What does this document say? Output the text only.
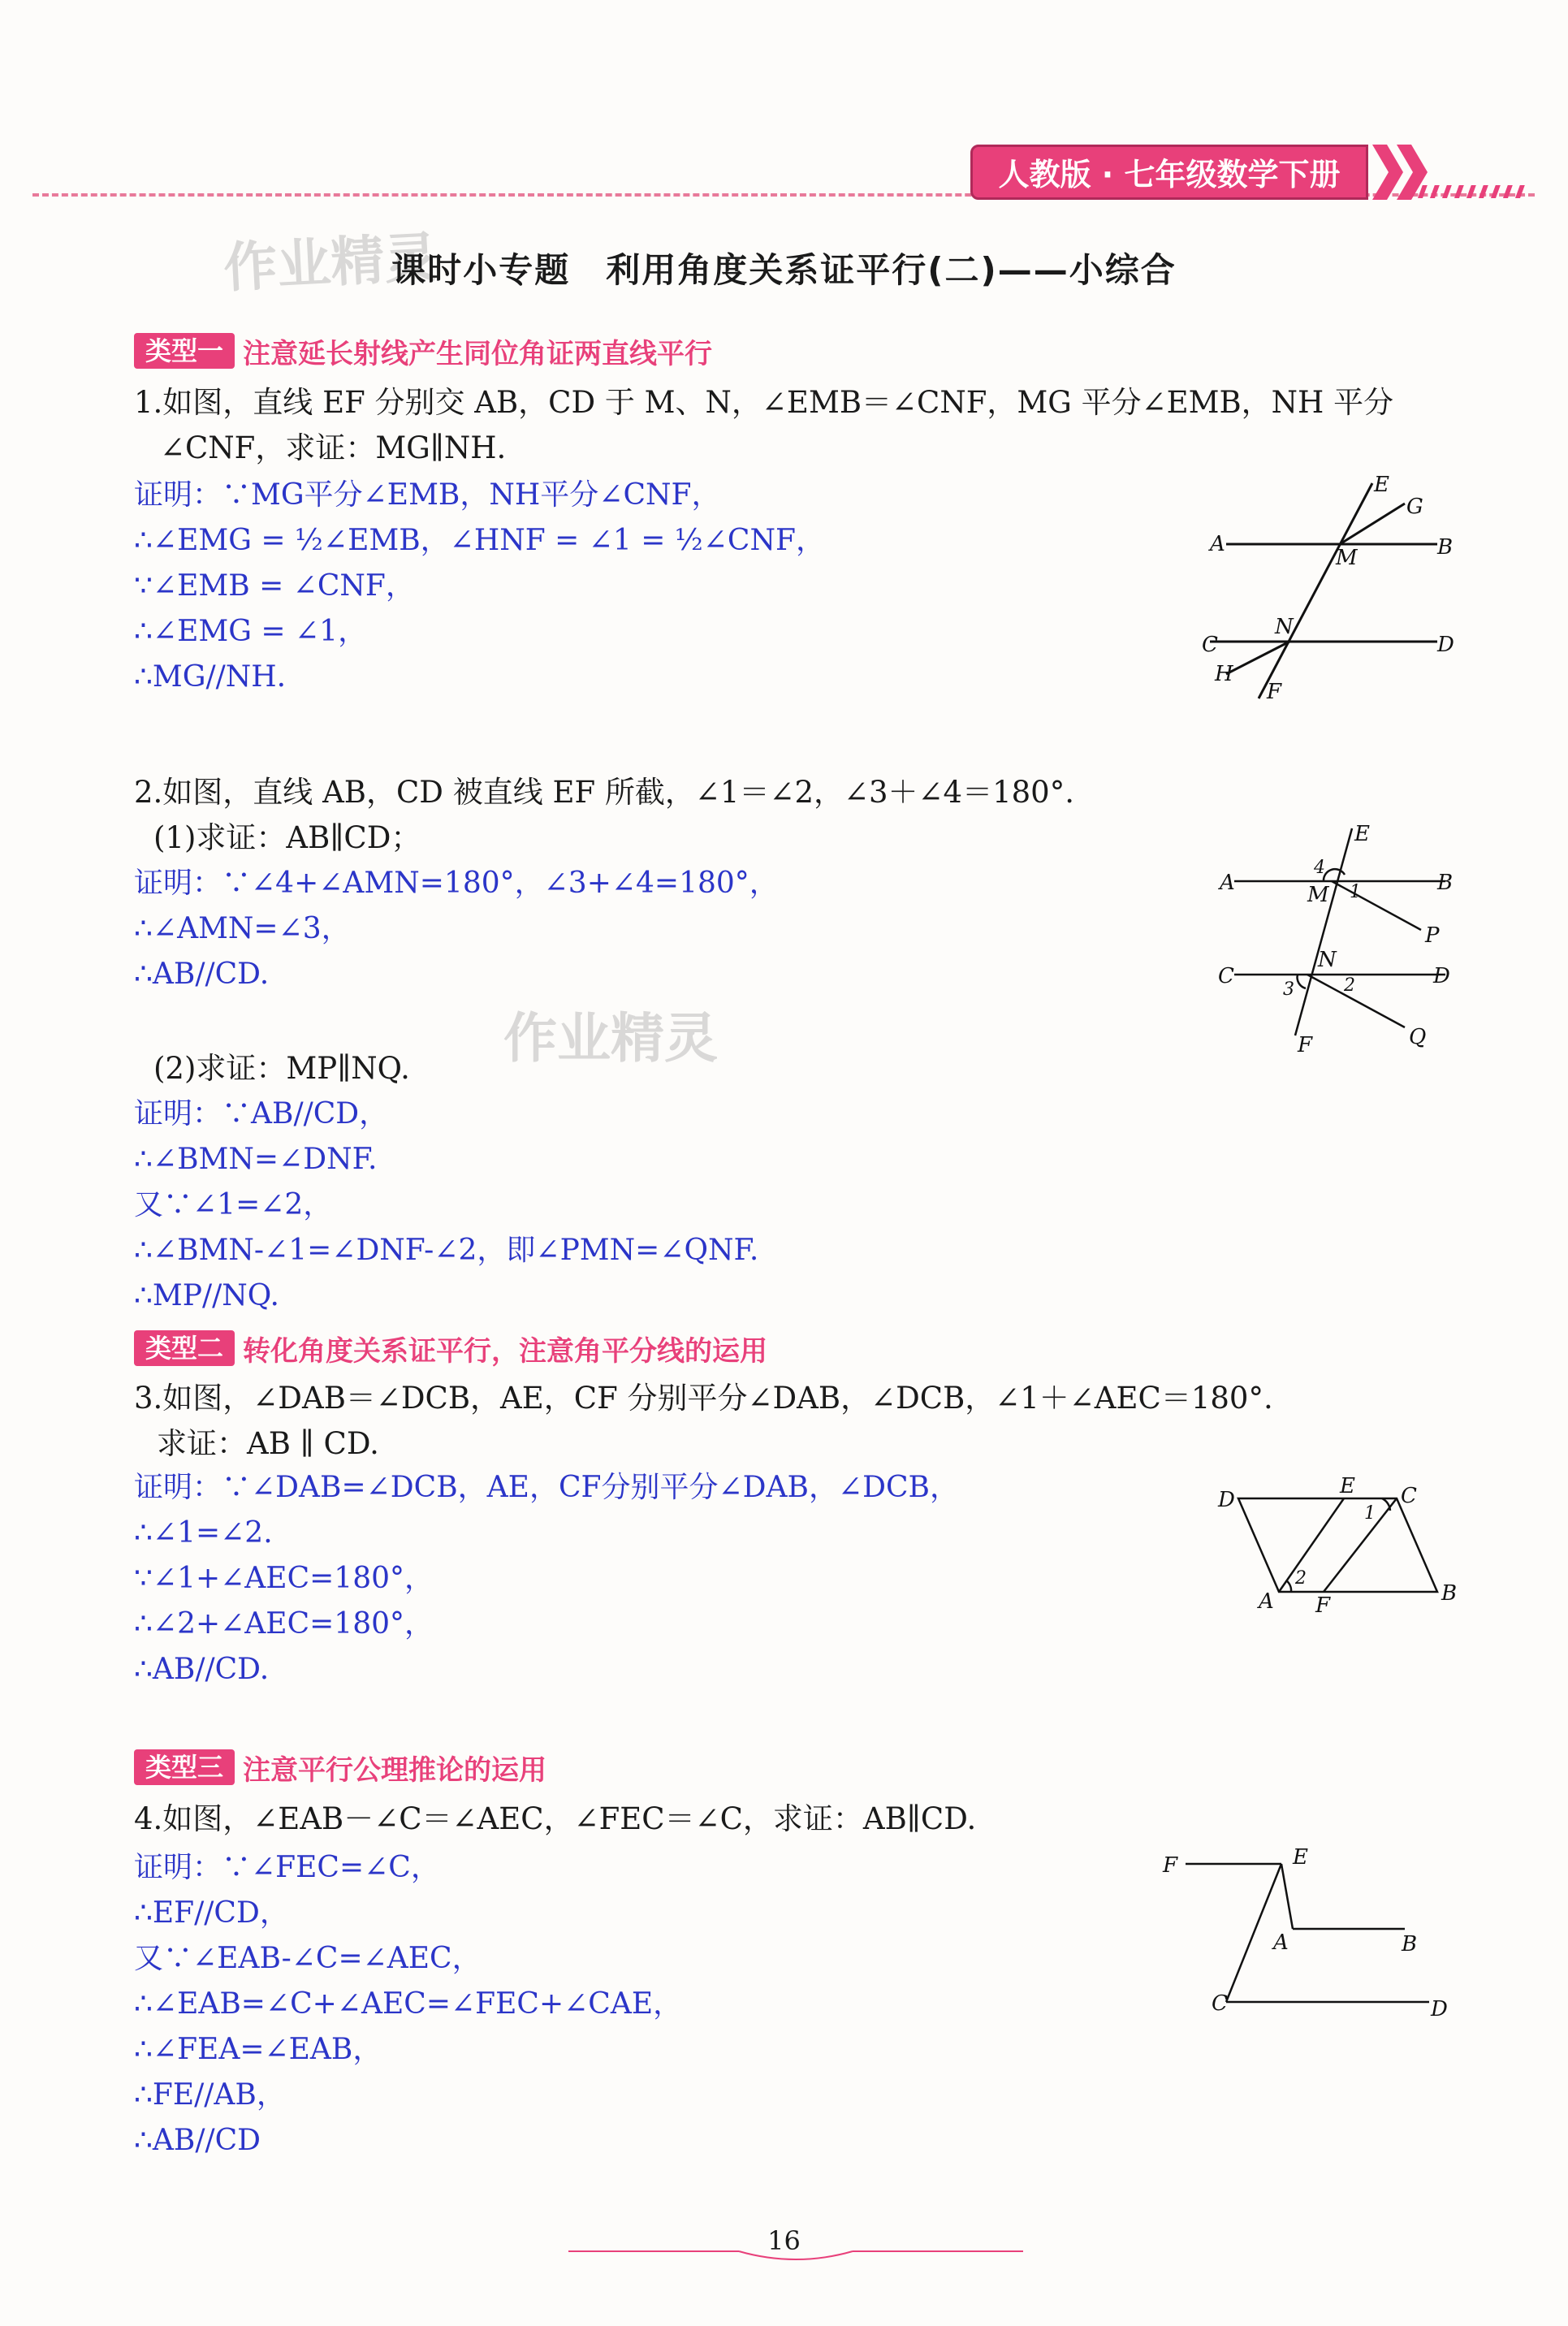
人教版 · 七年级数学下册
作业精灵
作业精灵
课时小专题　利用角度关系证平行(二)——小综合
类型一 注意延长射线产生同位角证两直线平行
1.如图，直线 EF 分别交 AB，CD 于 M、N，∠EMB＝∠CNF，MG 平分∠EMB，NH 平分
∠CNF，求证：MG∥NH.
证明：∵MG平分∠EMB，NH平分∠CNF，
∴∠EMG = ½∠EMB，∠HNF = ∠1 = ½∠CNF，
∵∠EMB = ∠CNF，
∴∠EMG = ∠1，
∴MG//NH.
A	B
C	D
E
F
G
H
M
N
2.如图，直线 AB，CD 被直线 EF 所截，∠1＝∠2，∠3＋∠4＝180°.
(1)求证：AB∥CD；
证明：∵∠4+∠AMN=180°，∠3+∠4=180°，
∴∠AMN=∠3，
∴AB//CD.
(2)求证：MP∥NQ.
证明：∵AB//CD，
∴∠BMN=∠DNF.
又∵∠1=∠2，
∴∠BMN-∠1=∠DNF-∠2，即∠PMN=∠QNF.
∴MP//NQ.
A	B
C	D
E
F
M
N
P
Q
1
2
3
4
类型二 转化角度关系证平行，注意角平分线的运用
3.如图，∠DAB＝∠DCB，AE，CF 分别平分∠DAB，∠DCB，∠1＋∠AEC＝180°.
求证：AB ∥ CD.
证明：∵∠DAB=∠DCB，AE，CF分别平分∠DAB，∠DCB，
∴∠1=∠2.
∵∠1+∠AEC=180°，
∴∠2+∠AEC=180°，
∴AB//CD.
D	C
E
A	B
F
1
2
类型三 注意平行公理推论的运用
4.如图，∠EAB－∠C＝∠AEC，∠FEC＝∠C，求证：AB∥CD.
证明：∵∠FEC=∠C，
∴EF//CD，
又∵∠EAB-∠C=∠AEC，
∴∠EAB=∠C+∠AEC=∠FEC+∠CAE，
∴∠FEA=∠EAB，
∴FE//AB，
∴AB//CD
F	E
A	B
C	D
16
